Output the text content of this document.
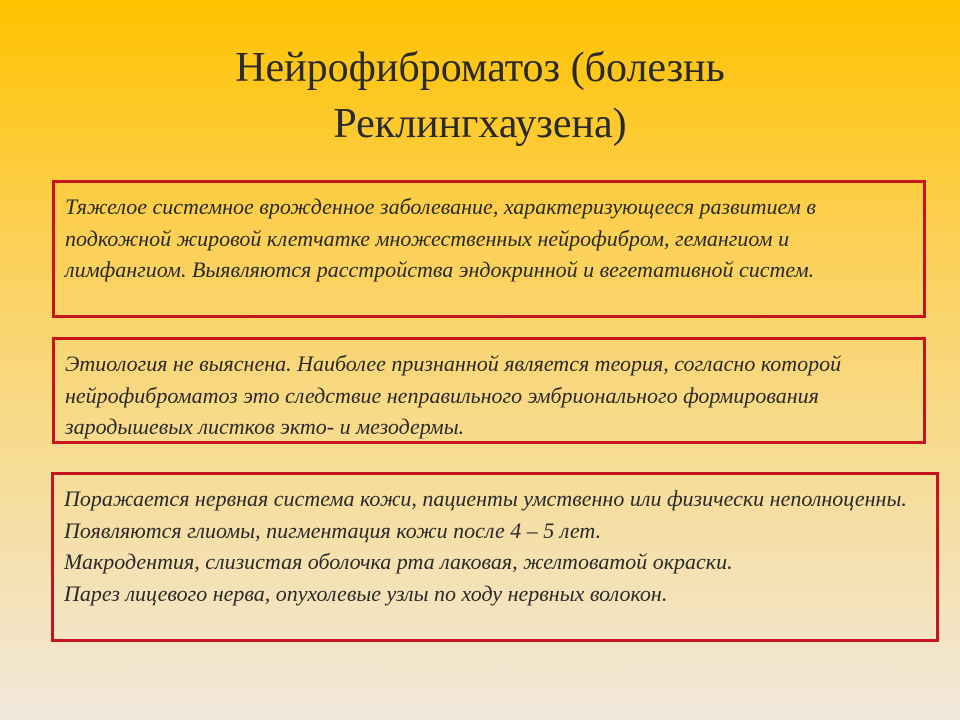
Нейрофиброматоз (болезнь
Реклингхаузена)

Тяжелое системное врожденное заболевание, характеризующееся развитием в подкожной жировой клетчатке множественных нейрофибром, гемангиом и лимфангиом. Выявляются расстройства эндокринной и вегетативной систем.

Этиология не выяснена. Наиболее признанной является теория, согласно которой нейрофиброматоз это следствие неправильного эмбрионального формирования зародышевых листков экто- и мезодермы.

Поражается нервная система кожи, пациенты умственно или физически неполноценны.

Появляются глиомы, пигментация кожи после 4 – 5 лет.

Макродентия, слизистая оболочка рта лаковая, желтоватой окраски.

Парез лицевого нерва, опухолевые узлы по ходу нервных волокон.
